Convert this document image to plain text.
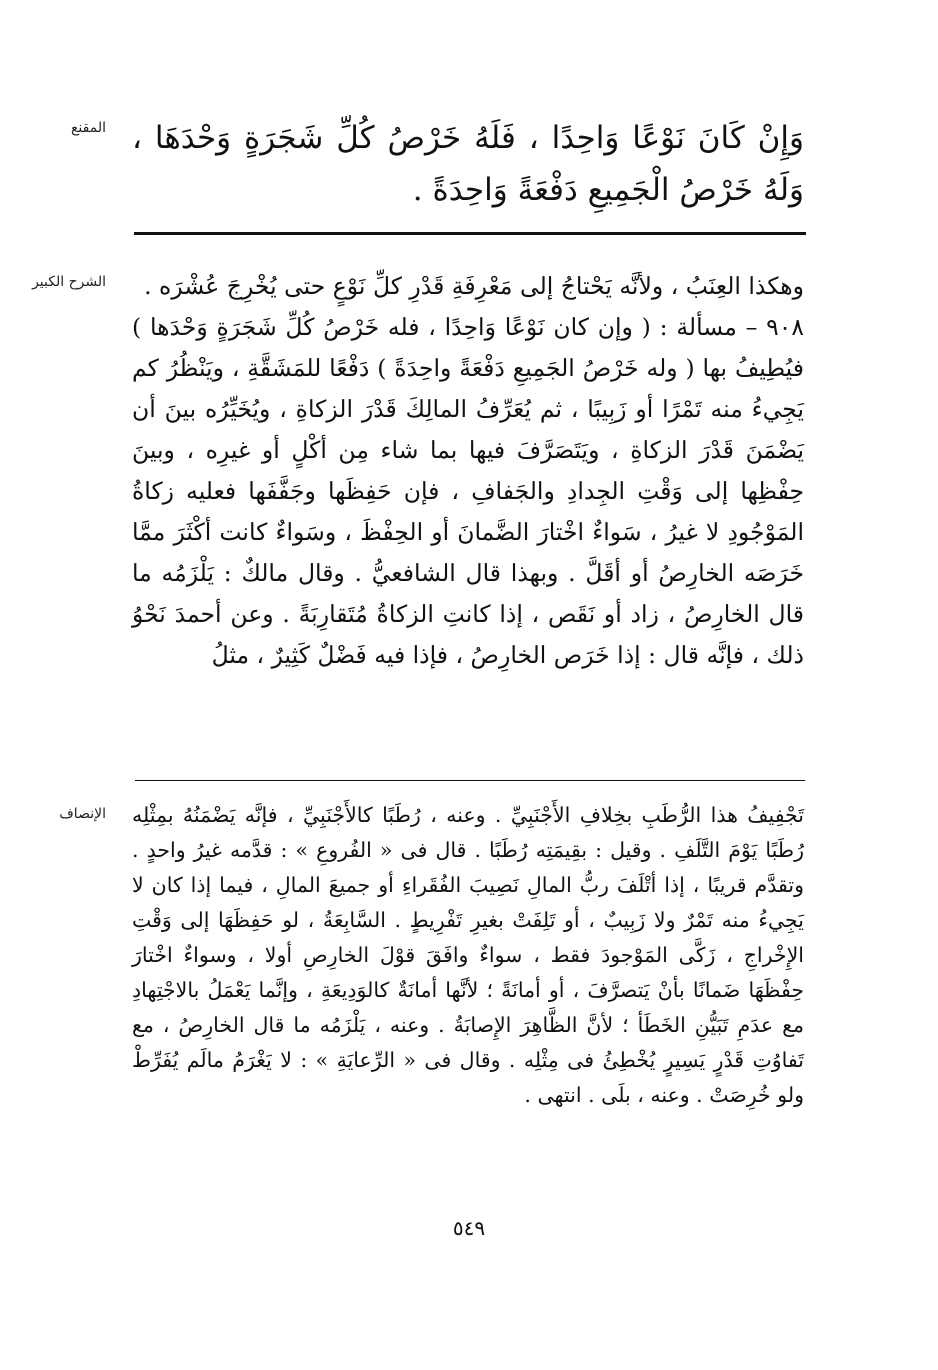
المقنع وَإِنْ كَانَ نَوْعًا وَاحِدًا ، فَلَهُ خَرْصُ كُلِّ شَجَرَةٍ وَحْدَهَا ، وَلَهُ خَرْصُ الْجَمِيعِ دَفْعَةً وَاحِدَةً .

الشرح الكبير	وهكذا العِنَبُ ، ولأنَّه يَحْتاجُ إلى مَعْرِفَةِ قَدْرِ كلِّ نَوْعٍ حتى يُخْرِجَ عُشْرَه .

٩٠٨ – مسألة : ( وإن كان نَوْعًا وَاحِدًا ، فله خَرْصُ كُلِّ شَجَرَةٍ وَحْدَها ) فيُطِيفُ بها ( وله خَرْصُ الجَمِيعِ دَفْعَةً واحِدَةً ) دَفْعًا للمَشَقَّةِ ، ويَنْظُرُ كم يَجِيءُ منه تَمْرًا أو زَبِيبًا ، ثم يُعَرِّفُ المالِكَ قَدْرَ الزكاةِ ، ويُخَيِّرُه بينَ أن يَضْمَنَ قَدْرَ الزكاةِ ، ويَتَصَرَّفَ فيها بما شاء مِن أكْلٍ أو غيرِه ، وبينَ حِفْظِها إلى وَقْتِ الجِدادِ والجَفافِ ، فإن حَفِظَها وجَفَّفَها فعليه زكاةُ المَوْجُودِ لا غيرُ ، سَواءٌ اخْتارَ الضَّمانَ أو الحِفْظَ ، وسَواءٌ كانت أكْثَرَ ممَّا خَرَصَه الخارِصُ أو أقَلَّ . وبهذا قال الشافعيُّ . وقال مالكٌ : يَلْزَمُه ما قال الخارِصُ ، زاد أو نَقَص ، إذا كانتِ الزكاةُ مُتَقارِبَةً . وعن أحمدَ نَحْوُ ذلك ، فإنَّه قال : إذا خَرَص الخارِصُ ، فإذا فيه فَضْلٌ كَثِيرٌ ، مثلُ

الإنصاف تَجْفِيفُ هذا الرُّطَبِ بخِلافِ الأَجْنَبِيِّ . وعنه ، رُطَبًا كالأَجْنَبِيِّ ، فإنَّه يَضْمَنُهُ بمِثْلِه رُطَبًا يَوْمَ التَّلَفِ . وقيل : بقِيمَتِه رُطَبًا . قال فى « الفُروعِ » : قدَّمه غيرُ واحدٍ . وتقدَّم قريبًا ، إذا أتْلَفَ ربُّ المالِ نَصِيبَ الفُقَراءِ أو جميعَ المالِ ، فيما إذا كان لا يَجِيءُ منه تَمْرٌ ولا زَبِيبٌ ، أو تَلِفَتْ بغيرِ تَفْرِيطٍ . السَّابِعَةُ ، لو حَفِظَهَا إلى وَقْتِ الإِخْراجِ ، زَكَّى المَوْجودَ فقط ، سواءٌ وافَقَ قوْلَ الخارِصِ أولا ، وسواءٌ اخْتارَ حِفْظَهَا ضَمانًا بأنْ يَتصرَّفَ ، أو أمانَةً ؛ لأنَّها أمانَةٌ كالوَدِيعَةِ ، وإنَّما يَعْمَلُ بالاجْتِهادِ مع عدَمِ تَبَيُّنِ الخَطَأ ؛ لأنَّ الظَّاهِرَ الإِصابَةُ . وعنه ، يَلْزَمُه ما قال الخارِصُ ، مع تَفاوُتِ قَدْرٍ يَسِيرٍ يُخْطِئُ فى مِثْلِه . وقال فى « الرِّعايَةِ » : لا يَغْرَمُ مالَم يُفَرِّطْ ولو خُرِصَتْ . وعنه ، بلَى . انتهى .

٥٤٩
